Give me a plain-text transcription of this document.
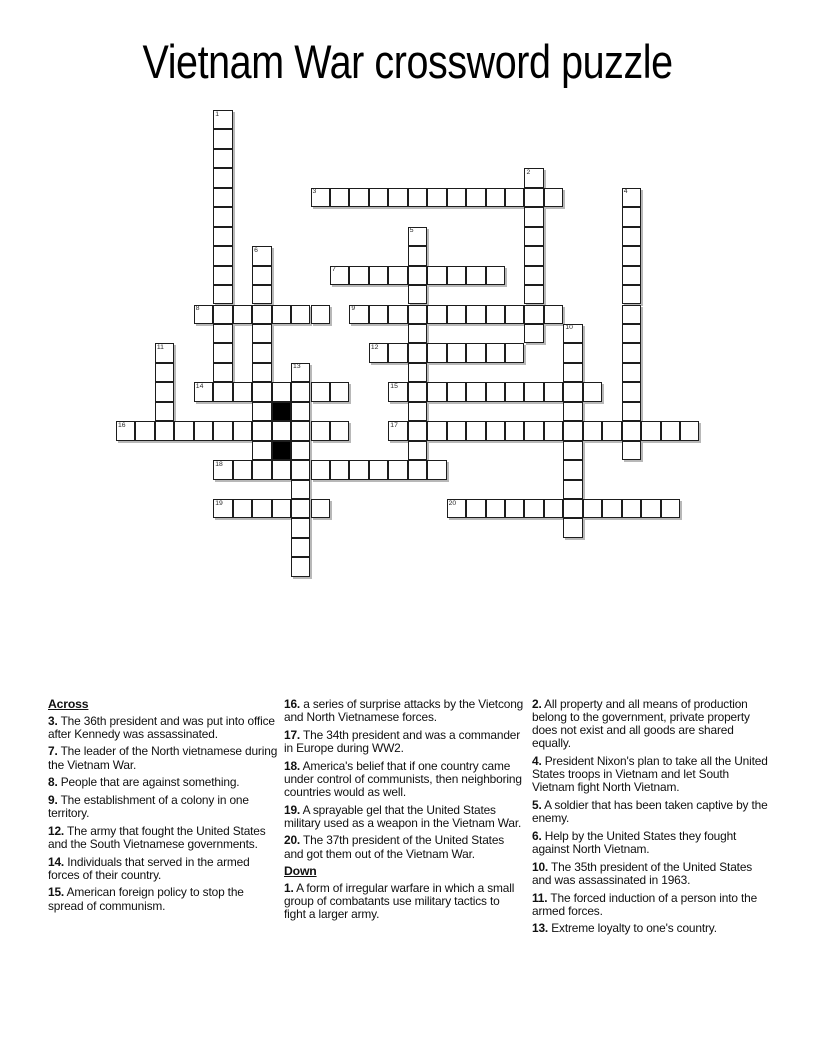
Vietnam War crossword puzzle
1
2
3	4
5
6
7
8	9
10
11	12
13
14	15
16	17
18
19	20
Across
3. The 36th president and was put into office after Kennedy was assassinated.
7. The leader of the North vietnamese during the Vietnam War.
8. People that are against something.
9. The establishment of a colony in one territory.
12. The army that fought the United States and the South Vietnamese governments.
14. Individuals that served in the armed forces of their country.
15. American foreign policy to stop the spread of communism.
16. a series of surprise attacks by the Vietcong and North Vietnamese forces.
17. The 34th president and was a commander in Europe during WW2.
18. America's belief that if one country came under control of communists, then neighboring countries would as well.
19. A sprayable gel that the United States military used as a weapon in the Vietnam War.
20. The 37th president of the United States and got them out of the Vietnam War.
Down
1. A form of irregular warfare in which a small group of combatants use military tactics to fight a larger army.
2. All property and all means of production belong to the government, private property does not exist and all goods are shared equally.
4. President Nixon's plan to take all the United States troops in Vietnam and let South Vietnam fight North Vietnam.
5. A soldier that has been taken captive by the enemy.
6. Help by the United States they fought against North Vietnam.
10. The 35th president of the United States and was assassinated in 1963.
11. The forced induction of a person into the armed forces.
13. Extreme loyalty to one's country.
